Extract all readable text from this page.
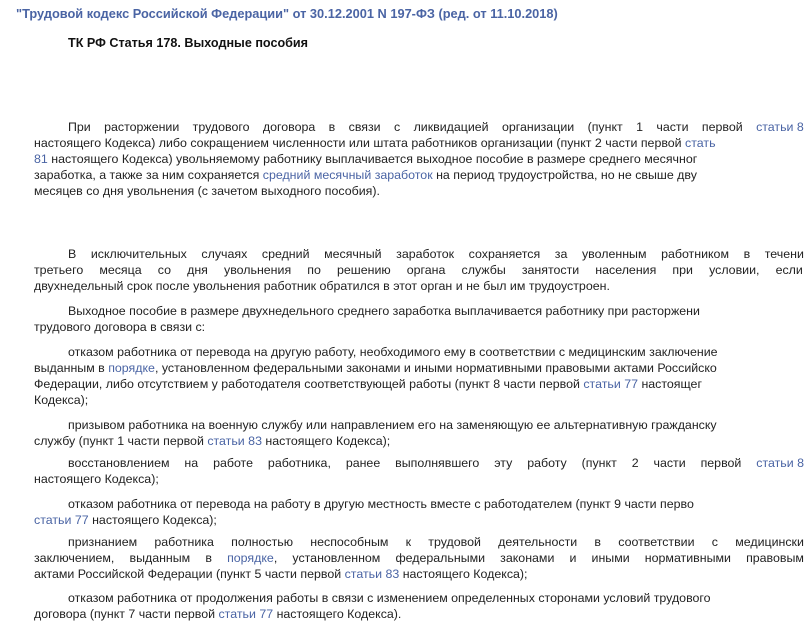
"Трудовой кодекс Российской Федерации" от 30.12.2001 N 197-ФЗ (ред. от 11.10.2018)
ТК РФ Статья 178. Выходные пособия
При расторжении трудового договора в связи с ликвидацией организации (пункт 1 части первой статьи 8
настоящего Кодекса) либо сокращением численности или штата работников организации (пункт 2 части первой стать
81 настоящего Кодекса) увольняемому работнику выплачивается выходное пособие в размере среднего месячног
заработка, а также за ним сохраняется средний месячный заработок на период трудоустройства, но не свыше дву
месяцев со дня увольнения (с зачетом выходного пособия).
В исключительных случаях средний месячный заработок сохраняется за уволенным работником в течени
третьего месяца со дня увольнения по решению органа службы занятости населения при условии, если
двухнедельный срок после увольнения работник обратился в этот орган и не был им трудоустроен.
Выходное пособие в размере двухнедельного среднего заработка выплачивается работнику при расторжени
трудового договора в связи с:
отказом работника от перевода на другую работу, необходимого ему в соответствии с медицинским заключение
выданным в порядке, установленном федеральными законами и иными нормативными правовыми актами Российско
Федерации, либо отсутствием у работодателя соответствующей работы (пункт 8 части первой статьи 77 настоящег
Кодекса);
призывом работника на военную службу или направлением его на заменяющую ее альтернативную гражданску
службу (пункт 1 части первой статьи 83 настоящего Кодекса);
восстановлением на работе работника, ранее выполнявшего эту работу (пункт 2 части первой статьи 8
настоящего Кодекса);
отказом работника от перевода на работу в другую местность вместе с работодателем (пункт 9 части перво
статьи 77 настоящего Кодекса);
признанием работника полностью неспособным к трудовой деятельности в соответствии с медицински
заключением, выданным в порядке, установленном федеральными законами и иными нормативными правовым
актами Российской Федерации (пункт 5 части первой статьи 83 настоящего Кодекса);
отказом работника от продолжения работы в связи с изменением определенных сторонами условий трудового
договора (пункт 7 части первой статьи 77 настоящего Кодекса).
